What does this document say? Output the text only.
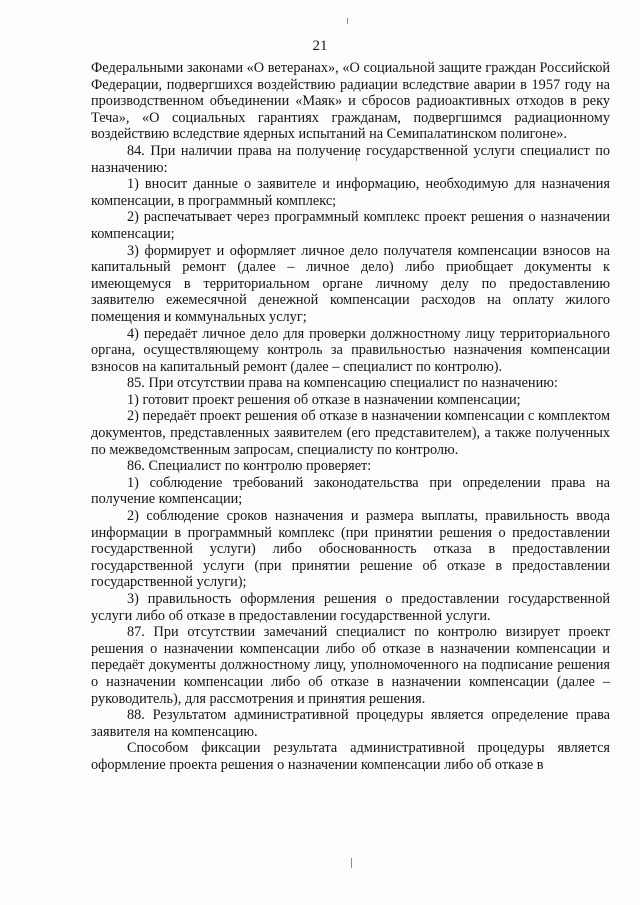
21

Федеральными законами «О ветеранах», «О социальной защите граждан Российской Федерации, подвергшихся воздействию радиации вследствие аварии в 1957 году на производственном объединении «Маяк» и сбросов радиоактивных отходов в реку Теча», «О социальных гарантиях гражданам, подвергшимся радиационному воздействию вследствие ядерных испытаний на Семипалатинском полигоне».

84. При наличии права на получение государственной услуги специалист по назначению:

1) вносит данные о заявителе и информацию, необходимую для назначения компенсации, в программный комплекс;

2) распечатывает через программный комплекс проект решения о назначении компенсации;

3) формирует и оформляет личное дело получателя компенсации взносов на капитальный ремонт (далее – личное дело) либо приобщает документы к имеющемуся в территориальном органе личному делу по предоставлению заявителю ежемесячной денежной компенсации расходов на оплату жилого помещения и коммунальных услуг;

4) передаёт личное дело для проверки должностному лицу территориального органа, осуществляющему контроль за правильностью назначения компенсации взносов на капитальный ремонт (далее – специалист по контролю).

85. При отсутствии права на компенсацию специалист по назначению:

1) готовит проект решения об отказе в назначении компенсации;

2) передаёт проект решения об отказе в назначении компенсации с комплектом документов, представленных заявителем (его представителем), а также полученных по межведомственным запросам, специалисту по контролю.

86. Специалист по контролю проверяет:

1) соблюдение требований законодательства при определении права на получение компенсации;

2) соблюдение сроков назначения и размера выплаты, правильность ввода информации в программный комплекс (при принятии решения о предоставлении государственной услуги) либо обоснованность отказа в предоставлении государственной услуги (при принятии решение об отказе в предоставлении государственной услуги);

3) правильность оформления решения о предоставлении государственной услуги либо об отказе в предоставлении государственной услуги.

87. При отсутствии замечаний специалист по контролю визирует проект решения о назначении компенсации либо об отказе в назначении компенсации и передаёт документы должностному лицу, уполномоченного на подписание решения о назначении компенсации либо об отказе в назначении компенсации (далее – руководитель), для рассмотрения и принятия решения.

88. Результатом административной процедуры является определение права заявителя на компенсацию.

Способом фиксации результата административной процедуры является оформление проекта решения о назначении компенсации либо об отказе в
